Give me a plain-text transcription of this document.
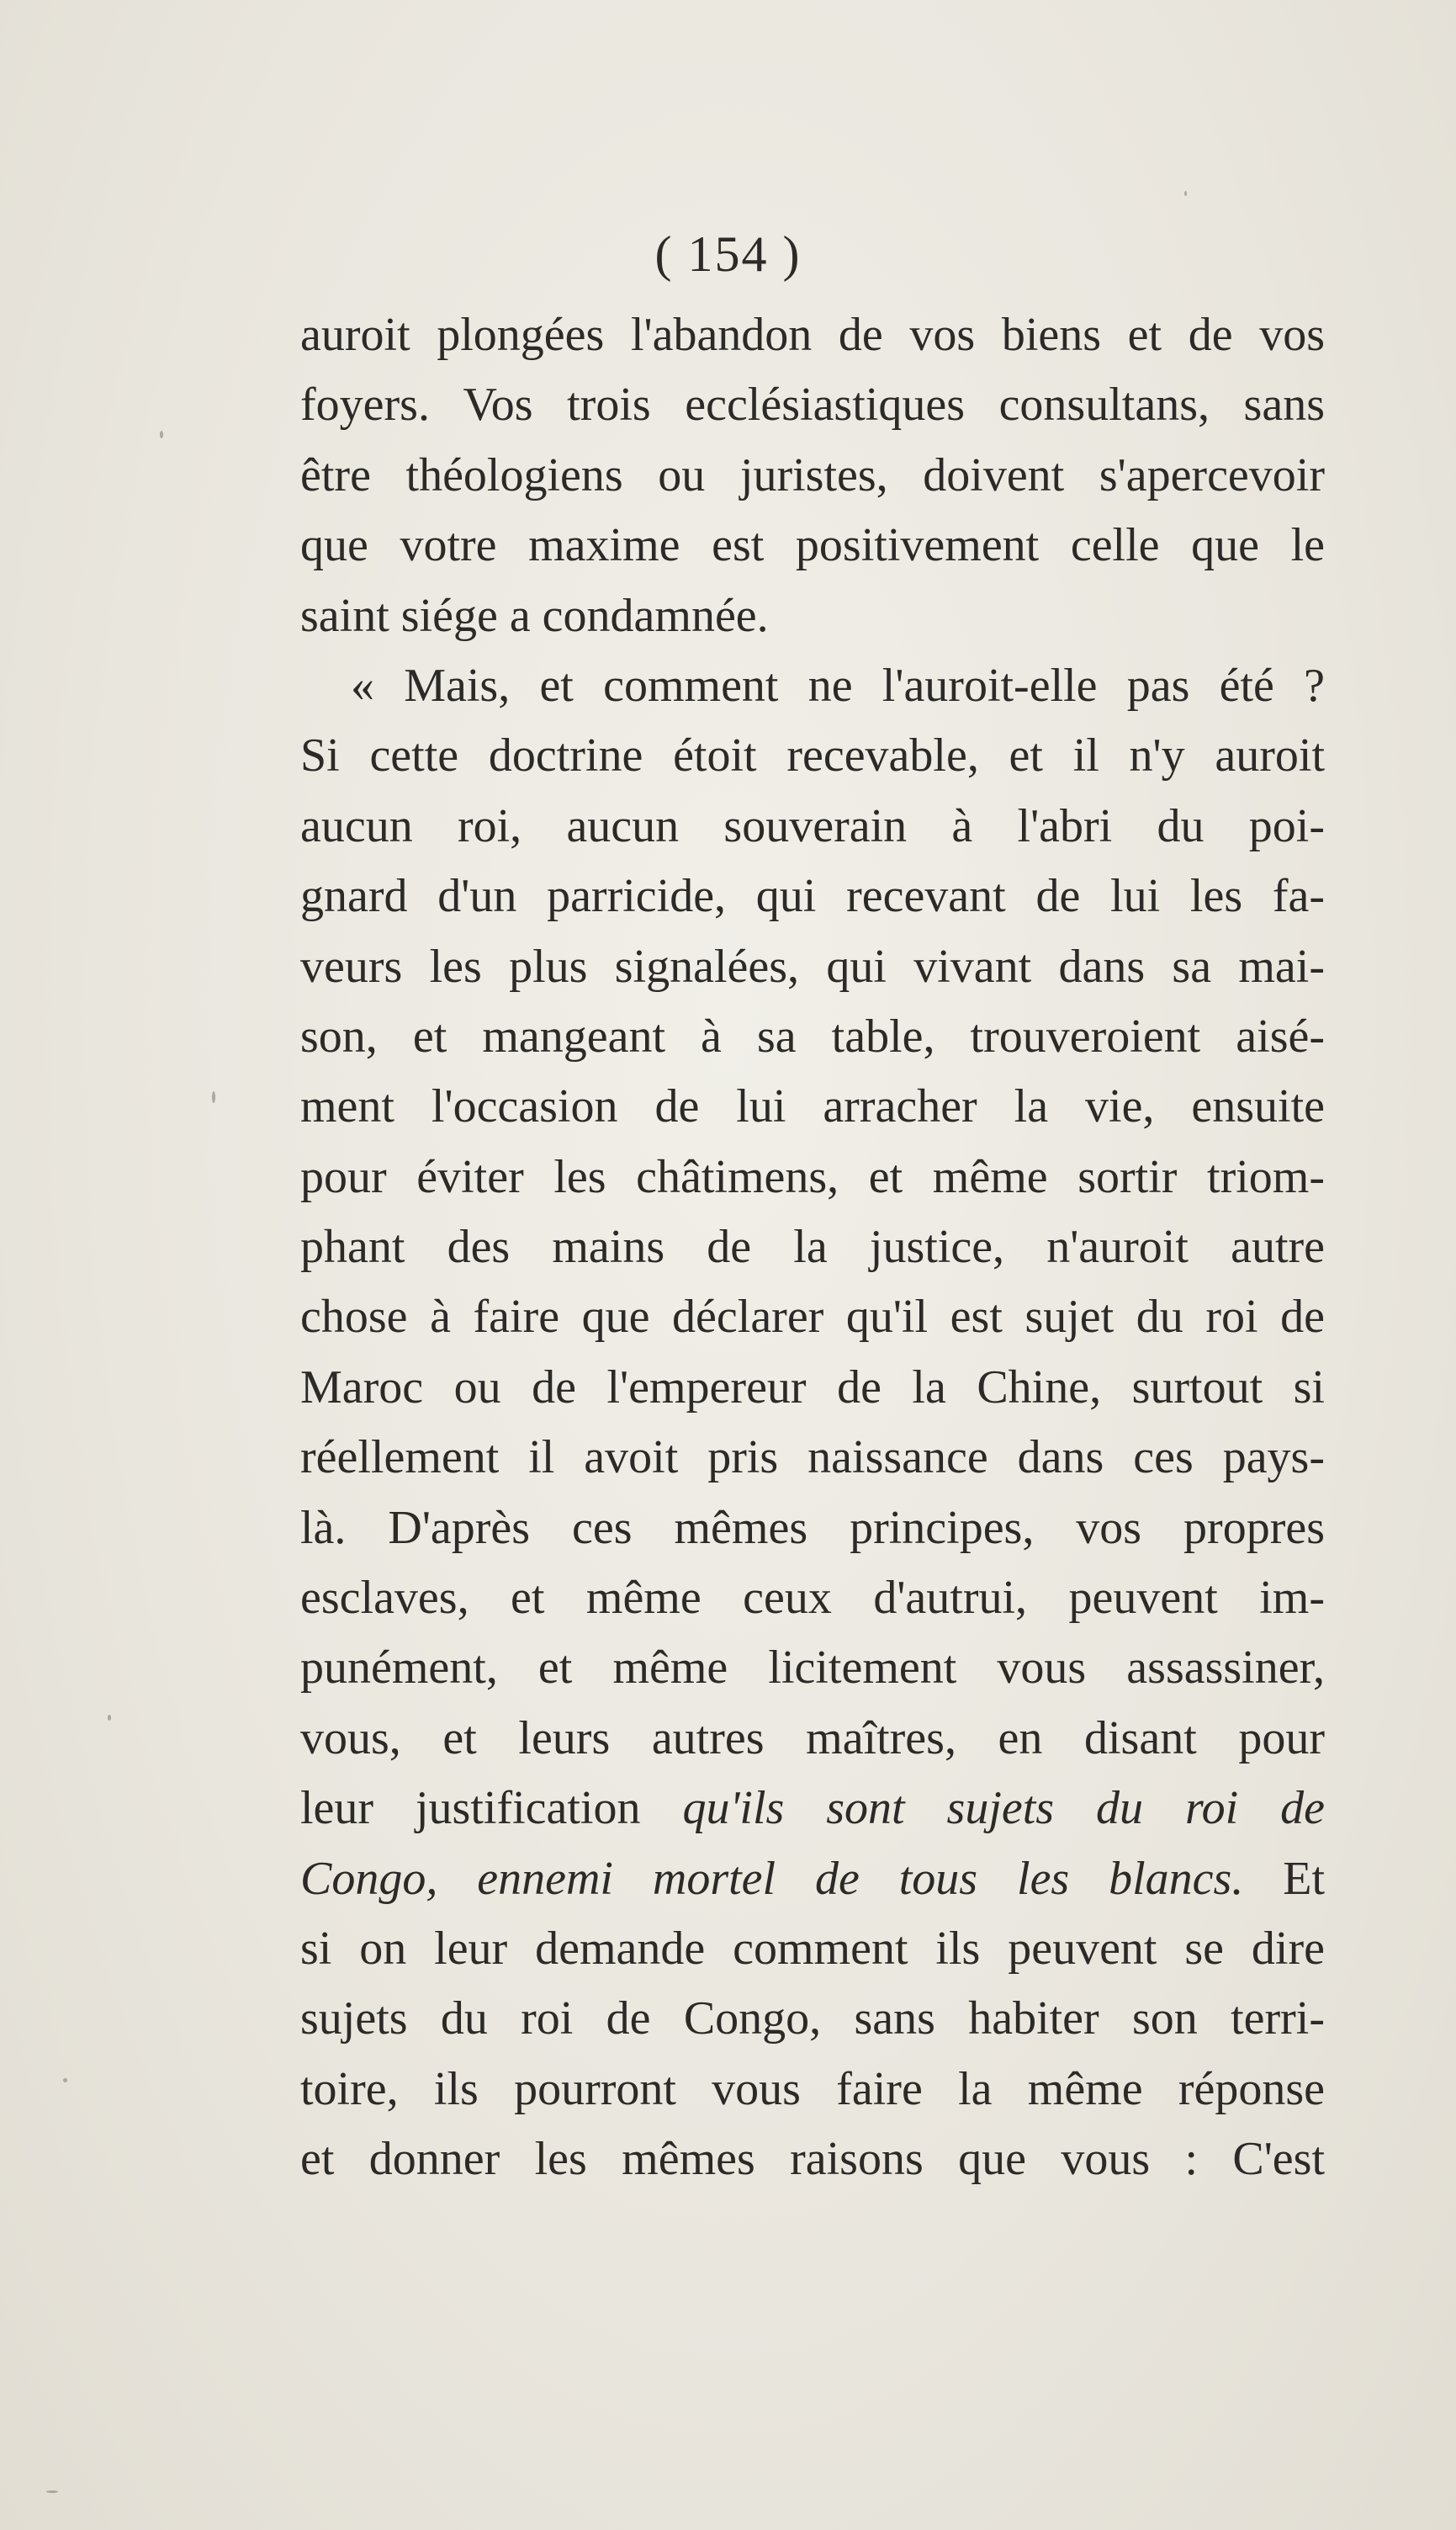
( 154 )
auroit plongées l'abandon de vos biens et de vos
foyers. Vos trois ecclésiastiques consultans, sans
être théologiens ou juristes, doivent s'apercevoir
que votre maxime est positivement celle que le
saint siége a condamnée.
« Mais, et comment ne l'auroit-elle pas été ?
Si cette doctrine étoit recevable, et il n'y auroit
aucun roi, aucun souverain à l'abri du poi-
gnard d'un parricide, qui recevant de lui les fa-
veurs les plus signalées, qui vivant dans sa mai-
son, et mangeant à sa table, trouveroient aisé-
ment l'occasion de lui arracher la vie, ensuite
pour éviter les châtimens, et même sortir triom-
phant des mains de la justice, n'auroit autre
chose à faire que déclarer qu'il est sujet du roi de
Maroc ou de l'empereur de la Chine, surtout si
réellement il avoit pris naissance dans ces pays-
là. D'après ces mêmes principes, vos propres
esclaves, et même ceux d'autrui, peuvent im-
punément, et même licitement vous assassiner,
vous, et leurs autres maîtres, en disant pour
leur justification qu'ils sont sujets du roi de
Congo, ennemi mortel de tous les blancs. Et
si on leur demande comment ils peuvent se dire
sujets du roi de Congo, sans habiter son terri-
toire, ils pourront vous faire la même réponse
et donner les mêmes raisons que vous : C'est
